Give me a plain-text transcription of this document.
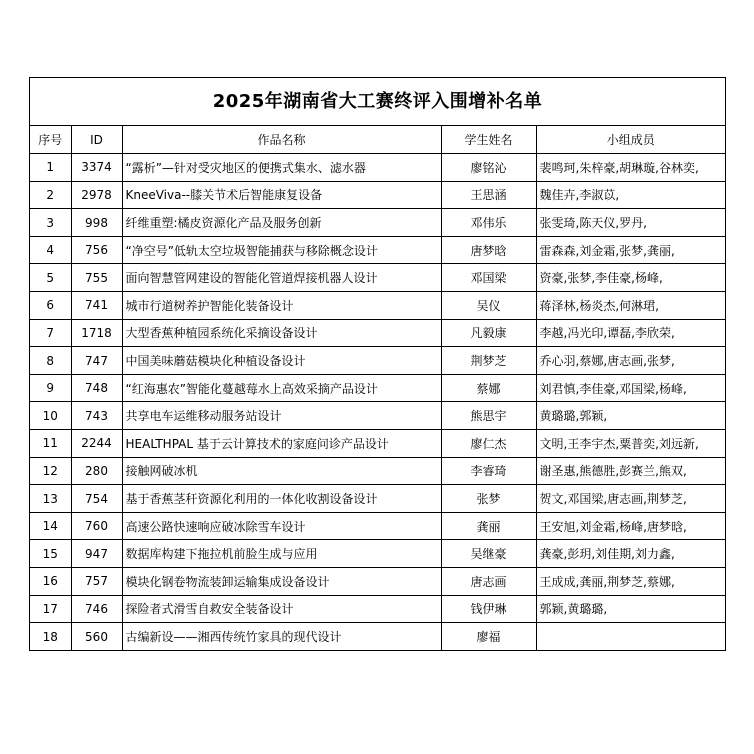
2025年湖南省大工赛终评入围增补名单
序号	ID	作品名称	学生姓名	小组成员
1	3374	“露析”—针对受灾地区的便携式集水、滤水器	廖铭沁	裴鸣珂,朱梓豪,胡琳璇,谷林奕,
2	2978	KneeViva--膝关节术后智能康复设备	王思涵	魏佳卉,李淑苡,
3	998	纤维重塑:橘皮资源化产品及服务创新	邓伟乐	张雯琦,陈天仪,罗丹,
4	756	“净空号”低轨太空垃圾智能捕获与移除概念设计	唐梦晗	雷森森,刘金霜,张梦,龚丽,
5	755	面向智慧管网建设的智能化管道焊接机器人设计	邓国梁	资豪,张梦,李佳豪,杨峰,
6	741	城市行道树养护智能化装备设计	吴仪	蒋泽林,杨炎杰,何淋珺,
7	1718	大型香蕉种植园系统化采摘设备设计	凡毅康	李越,冯光印,谭磊,李欣荣,
8	747	中国美味蘑菇模块化种植设备设计	荆梦芝	乔心羽,蔡娜,唐志画,张梦,
9	748	“红海惠农”智能化蔓越莓水上高效采摘产品设计	蔡娜	刘君慎,李佳豪,邓国梁,杨峰,
10	743	共享电车运维移动服务站设计	熊思宇	黄璐璐,郭颖,
11	2244	HEALTHPAL 基于云计算技术的家庭问诊产品设计	廖仁杰	文明,王李宇杰,粟普奕,刘远新,
12	280	接触网破冰机	李睿琦	谢圣惠,熊德胜,彭赛兰,熊双,
13	754	基于香蕉茎秆资源化利用的一体化收割设备设计	张梦	贺文,邓国梁,唐志画,荆梦芝,
14	760	高速公路快速响应破冰除雪车设计	龚丽	王安旭,刘金霜,杨峰,唐梦晗,
15	947	数据库构建下拖拉机前脸生成与应用	吴继豪	龚豪,彭玥,刘佳期,刘力鑫,
16	757	模块化钢卷物流装卸运输集成设备设计	唐志画	王成成,龚丽,荆梦芝,蔡娜,
17	746	探险者式滑雪自救安全装备设计	钱伊琳	郭颖,黄璐璐,
18	560	古编新设——湘西传统竹家具的现代设计	廖福	
